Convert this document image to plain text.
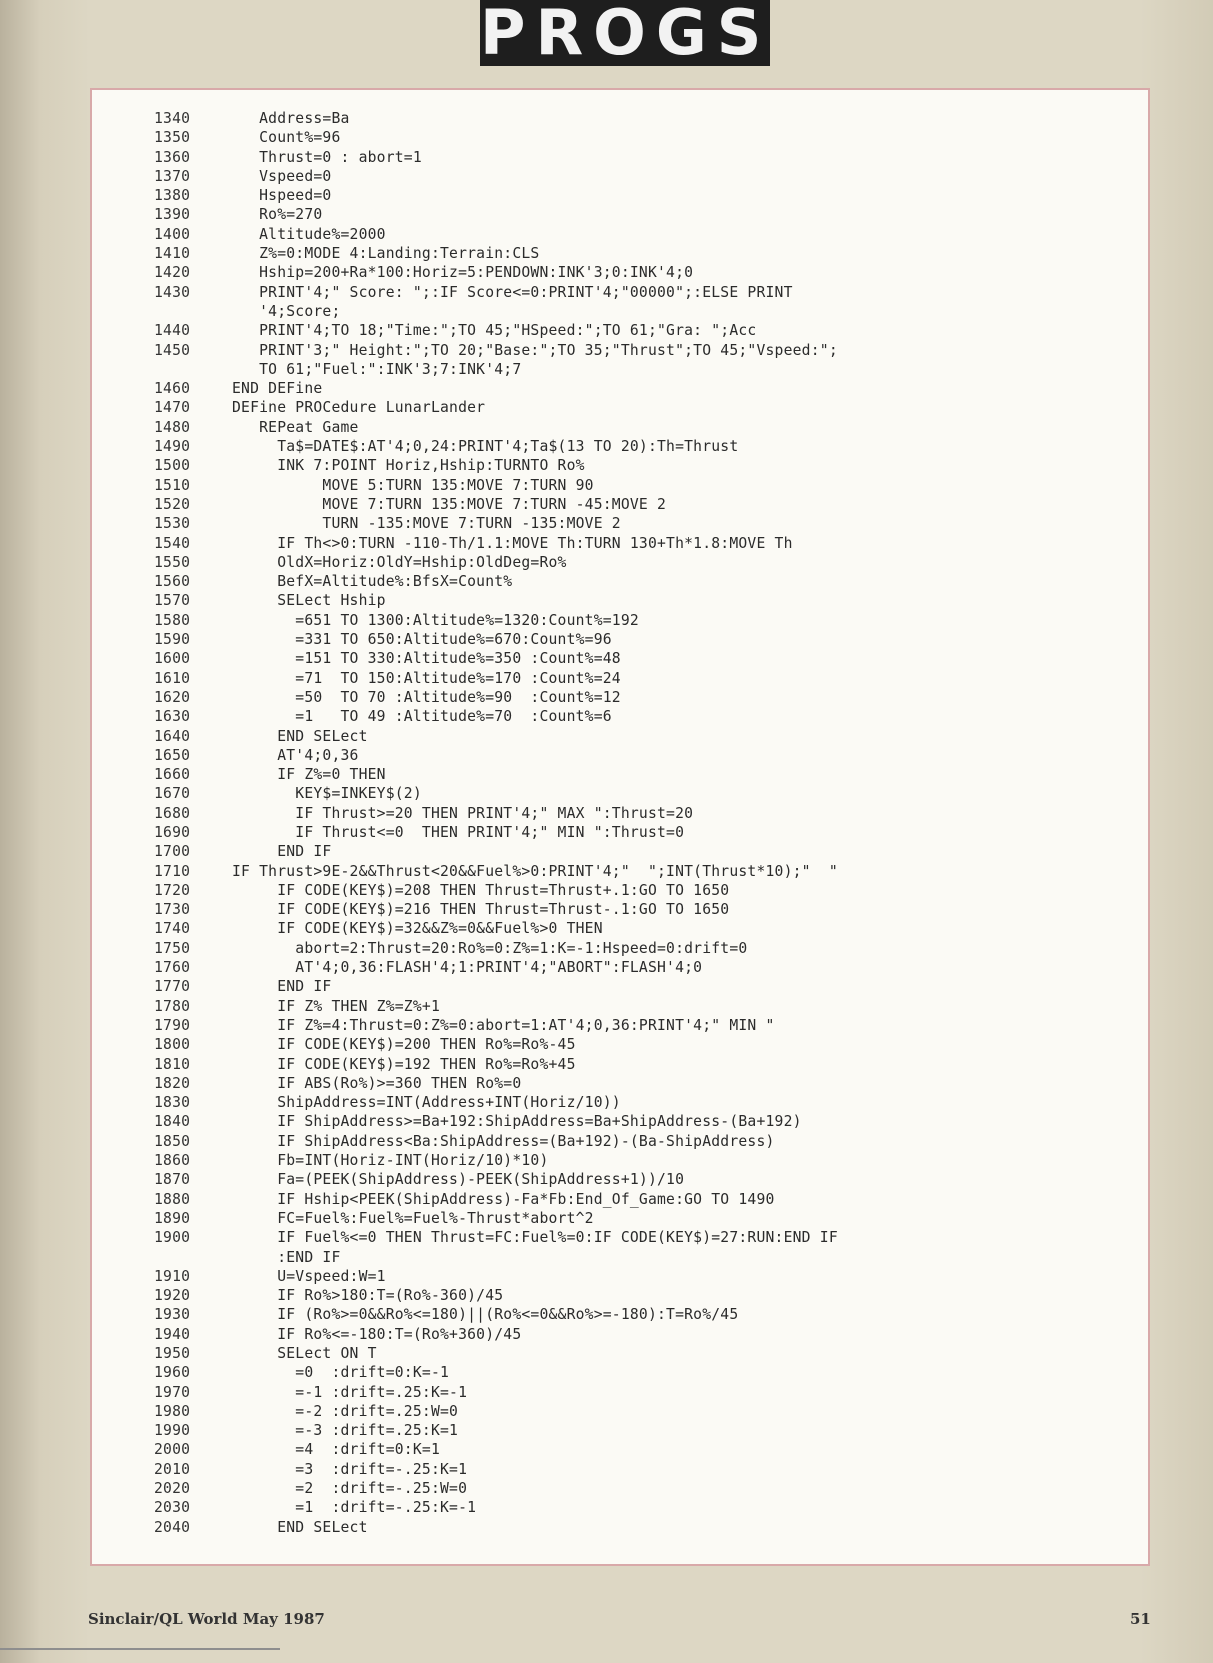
PROGS
1340	Address=Ba
1350	Count%=96
1360	Thrust=0 : abort=1
1370	Vspeed=0
1380	Hspeed=0
1390	Ro%=270
1400	Altitude%=2000
1410	Z%=0:MODE 4:Landing:Terrain:CLS
1420	Hship=200+Ra*100:Horiz=5:PENDOWN:INK'3;0:INK'4;0
1430	PRINT'4;" Score: ";:IF Score<=0:PRINT'4;"00000";:ELSE PRINT
'4;Score;
1440	PRINT'4;TO 18;"Time:";TO 45;"HSpeed:";TO 61;"Gra: ";Acc
1450	PRINT'3;" Height:";TO 20;"Base:";TO 35;"Thrust";TO 45;"Vspeed:";
TO 61;"Fuel:":INK'3;7:INK'4;7
1460	END DEFine
1470	DEFine PROCedure LunarLander
1480	REPeat Game
1490	Ta$=DATE$:AT'4;0,24:PRINT'4;Ta$(13 TO 20):Th=Thrust
1500	INK 7:POINT Horiz,Hship:TURNTO Ro%
1510	MOVE 5:TURN 135:MOVE 7:TURN 90
1520	MOVE 7:TURN 135:MOVE 7:TURN -45:MOVE 2
1530	TURN -135:MOVE 7:TURN -135:MOVE 2
1540	IF Th<>0:TURN -110-Th/1.1:MOVE Th:TURN 130+Th*1.8:MOVE Th
1550	OldX=Horiz:OldY=Hship:OldDeg=Ro%
1560	BefX=Altitude%:BfsX=Count%
1570	SELect Hship
1580	=651 TO 1300:Altitude%=1320:Count%=192
1590	=331 TO 650:Altitude%=670:Count%=96
1600	=151 TO 330:Altitude%=350 :Count%=48
1610	=71  TO 150:Altitude%=170 :Count%=24
1620	=50  TO 70 :Altitude%=90  :Count%=12
1630	=1   TO 49 :Altitude%=70  :Count%=6
1640	END SELect
1650	AT'4;0,36
1660	IF Z%=0 THEN
1670	KEY$=INKEY$(2)
1680	IF Thrust>=20 THEN PRINT'4;" MAX ":Thrust=20
1690	IF Thrust<=0  THEN PRINT'4;" MIN ":Thrust=0
1700	END IF
1710	IF Thrust>9E-2&&Thrust<20&&Fuel%>0:PRINT'4;"  ";INT(Thrust*10);"  "
1720	IF CODE(KEY$)=208 THEN Thrust=Thrust+.1:GO TO 1650
1730	IF CODE(KEY$)=216 THEN Thrust=Thrust-.1:GO TO 1650
1740	IF CODE(KEY$)=32&&Z%=0&&Fuel%>0 THEN
1750	abort=2:Thrust=20:Ro%=0:Z%=1:K=-1:Hspeed=0:drift=0
1760	AT'4;0,36:FLASH'4;1:PRINT'4;"ABORT":FLASH'4;0
1770	END IF
1780	IF Z% THEN Z%=Z%+1
1790	IF Z%=4:Thrust=0:Z%=0:abort=1:AT'4;0,36:PRINT'4;" MIN "
1800	IF CODE(KEY$)=200 THEN Ro%=Ro%-45
1810	IF CODE(KEY$)=192 THEN Ro%=Ro%+45
1820	IF ABS(Ro%)>=360 THEN Ro%=0
1830	ShipAddress=INT(Address+INT(Horiz/10))
1840	IF ShipAddress>=Ba+192:ShipAddress=Ba+ShipAddress-(Ba+192)
1850	IF ShipAddress<Ba:ShipAddress=(Ba+192)-(Ba-ShipAddress)
1860	Fb=INT(Horiz-INT(Horiz/10)*10)
1870	Fa=(PEEK(ShipAddress)-PEEK(ShipAddress+1))/10
1880	IF Hship<PEEK(ShipAddress)-Fa*Fb:End_Of_Game:GO TO 1490
1890	FC=Fuel%:Fuel%=Fuel%-Thrust*abort^2
1900	IF Fuel%<=0 THEN Thrust=FC:Fuel%=0:IF CODE(KEY$)=27:RUN:END IF
:END IF
1910	U=Vspeed:W=1
1920	IF Ro%>180:T=(Ro%-360)/45
1930	IF (Ro%>=0&&Ro%<=180)||(Ro%<=0&&Ro%>=-180):T=Ro%/45
1940	IF Ro%<=-180:T=(Ro%+360)/45
1950	SELect ON T
1960	=0  :drift=0:K=-1
1970	=-1 :drift=.25:K=-1
1980	=-2 :drift=.25:W=0
1990	=-3 :drift=.25:K=1
2000	=4  :drift=0:K=1
2010	=3  :drift=-.25:K=1
2020	=2  :drift=-.25:W=0
2030	=1  :drift=-.25:K=-1
2040	END SELect
Sinclair/QL World May 1987	51
